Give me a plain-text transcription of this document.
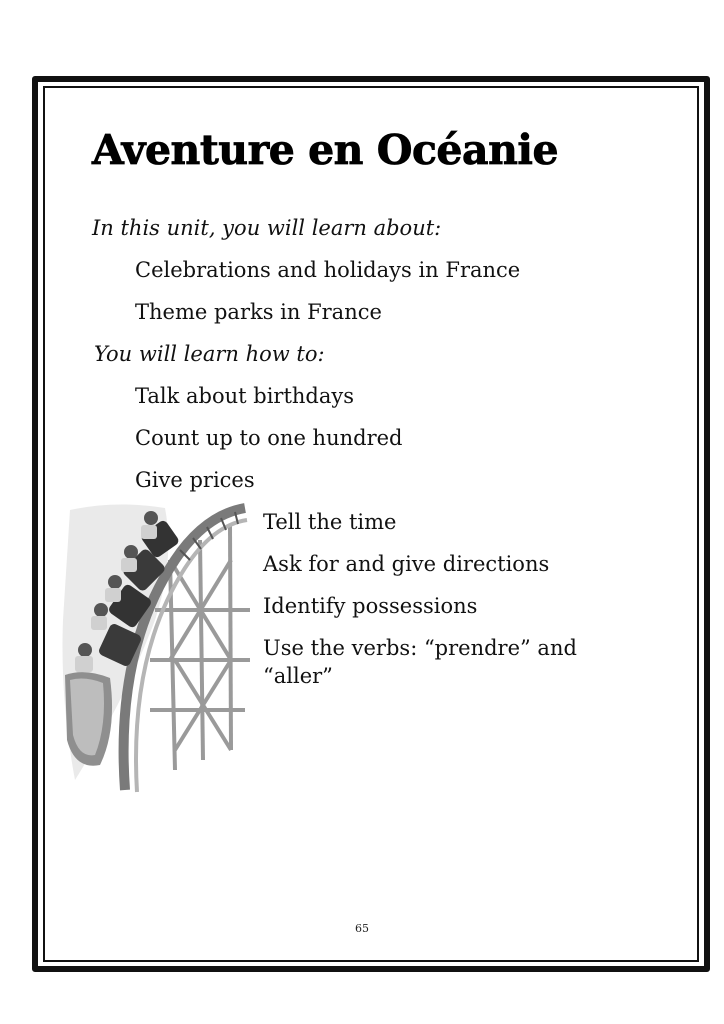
Aventure en Océanie

In this unit, you will learn about:

Celebrations and holidays in France

Theme parks in France

You will learn how to:

Talk about birthdays

Count up to one hundred

Give prices

Tell the time

Ask for and give directions

Identify possessions

Use the verbs: “prendre” and

“aller”

65
